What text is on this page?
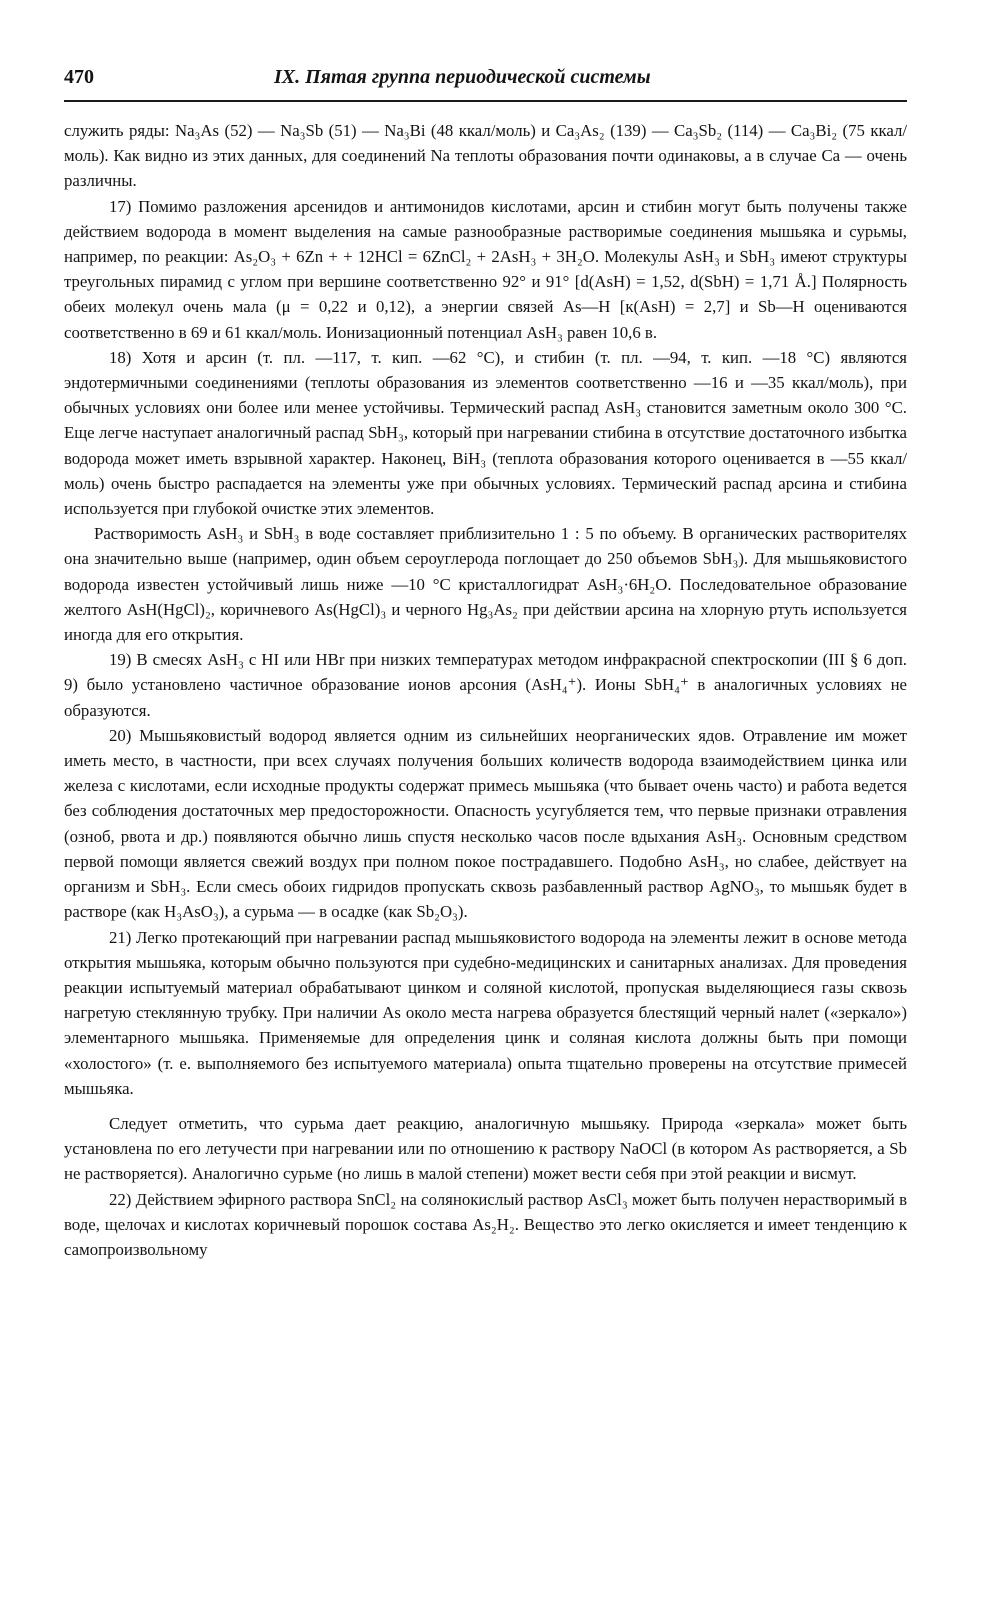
470	IX. Пятая группа периодической системы

служить ряды: Na₃As (52) — Na₃Sb (51) — Na₃Bi (48 ккал/моль) и Ca₃As₂ (139) — Ca₃Sb₂ (114) — Ca₃Bi₂ (75 ккал/моль). Как видно из этих данных, для соединений Na теплоты образования почти одинаковы, а в случае Ca — очень различны.

17) Помимо разложения арсенидов и антимонидов кислотами, арсин и стибин могут быть получены также действием водорода в момент выделения на самые разнообразные растворимые соединения мышьяка и сурьмы, например, по реакции: As₂O₃ + 6Zn + + 12HCl = 6ZnCl₂ + 2AsH₃ + 3H₂O. Молекулы AsH₃ и SbH₃ имеют структуры треугольных пирамид с углом при вершине соответственно 92° и 91° [d(AsH) = 1,52, d(SbH) = 1,71 Å.] Полярность обеих молекул очень мала (μ = 0,22 и 0,12), а энергии связей As—H [к(AsH) = 2,7] и Sb—H оцениваются соответственно в 69 и 61 ккал/моль. Ионизационный потенциал AsH₃ равен 10,6 в.

18) Хотя и арсин (т. пл. —117, т. кип. —62 °C), и стибин (т. пл. —94, т. кип. —18 °C) являются эндотермичными соединениями (теплоты образования из элементов соответственно —16 и —35 ккал/моль), при обычных условиях они более или менее устойчивы. Термический распад AsH₃ становится заметным около 300 °C. Еще легче наступает аналогичный распад SbH₃, который при нагревании стибина в отсутствие достаточного избытка водорода может иметь взрывной характер. Наконец, BiH₃ (теплота образования которого оценивается в —55 ккал/моль) очень быстро распадается на элементы уже при обычных условиях. Термический распад арсина и стибина используется при глубокой очистке этих элементов.

Растворимость AsH₃ и SbH₃ в воде составляет приблизительно 1 : 5 по объему. В органических растворителях она значительно выше (например, один объем сероуглерода поглощает до 250 объемов SbH₃). Для мышьяковистого водорода известен устойчивый лишь ниже —10 °C кристаллогидрат AsH₃·6H₂O. Последовательное образование желтого AsH(HgCl)₂, коричневого As(HgCl)₃ и черного Hg₃As₂ при действии арсина на хлорную ртуть используется иногда для его открытия.

19) В смесях AsH₃ с HI или HBr при низких температурах методом инфракрасной спектроскопии (III § 6 доп. 9) было установлено частичное образование ионов арсония (AsH₄⁺). Ионы SbH₄⁺ в аналогичных условиях не образуются.

20) Мышьяковистый водород является одним из сильнейших неорганических ядов. Отравление им может иметь место, в частности, при всех случаях получения больших количеств водорода взаимодействием цинка или железа с кислотами, если исходные продукты содержат примесь мышьяка (что бывает очень часто) и работа ведется без соблюдения достаточных мер предосторожности. Опасность усугубляется тем, что первые признаки отравления (озноб, рвота и др.) появляются обычно лишь спустя несколько часов после вдыхания AsH₃. Основным средством первой помощи является свежий воздух при полном покое пострадавшего. Подобно AsH₃, но слабее, действует на организм и SbH₃. Если смесь обоих гидридов пропускать сквозь разбавленный раствор AgNO₃, то мышьяк будет в растворе (как H₃AsO₃), а сурьма — в осадке (как Sb₂O₃).

21) Легко протекающий при нагревании распад мышьяковистого водорода на элементы лежит в основе метода открытия мышьяка, которым обычно пользуются при судебно-медицинских и санитарных анализах. Для проведения реакции испытуемый материал обрабатывают цинком и соляной кислотой, пропуская выделяющиеся газы сквозь нагретую стеклянную трубку. При наличии As около места нагрева образуется блестящий черный налет («зеркало») элементарного мышьяка. Применяемые для определения цинк и соляная кислота должны быть при помощи «холостого» (т. е. выполняемого без испытуемого материала) опыта тщательно проверены на отсутствие примесей мышьяка.

Следует отметить, что сурьма дает реакцию, аналогичную мышьяку. Природа «зеркала» может быть установлена по его летучести при нагревании или по отношению к раствору NaOCl (в котором As растворяется, а Sb не растворяется). Аналогично сурьме (но лишь в малой степени) может вести себя при этой реакции и висмут.

22) Действием эфирного раствора SnCl₂ на солянокислый раствор AsCl₃ может быть получен нерастворимый в воде, щелочах и кислотах коричневый порошок состава As₂H₂. Вещество это легко окисляется и имеет тенденцию к самопроизвольному
